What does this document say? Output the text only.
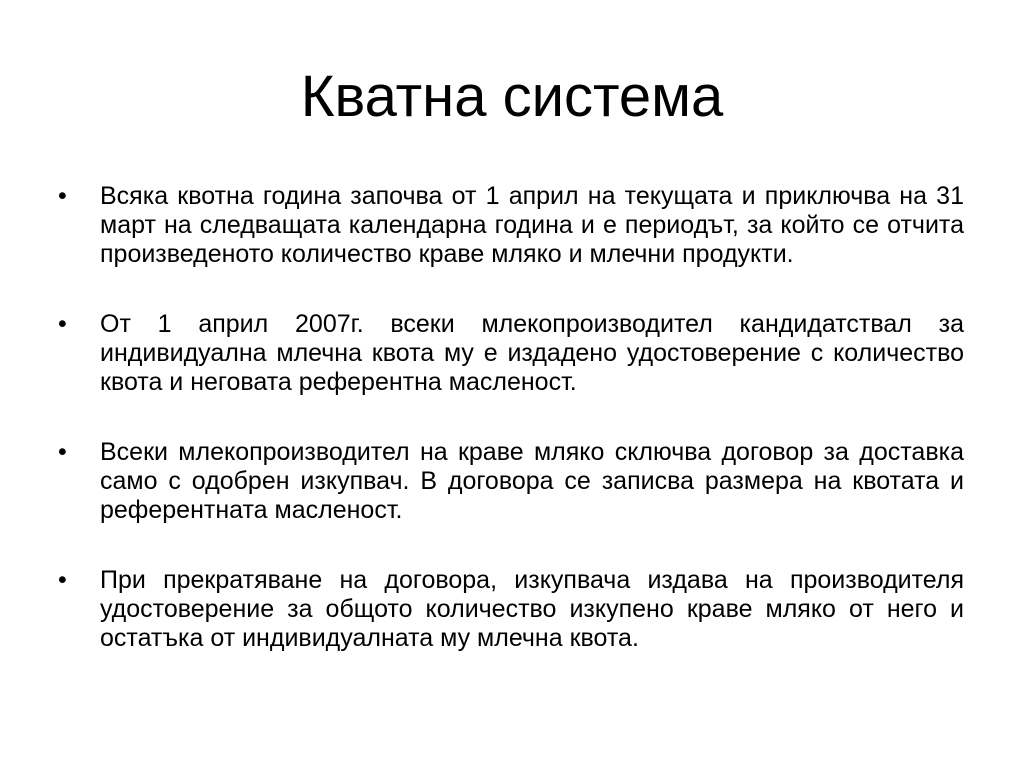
Кватна система
•	Всяка квотна година започва от 1 април на текущата и приключва на 31 март на следващата календарна година и е периодът, за който се отчита произведеното количество краве мляко и млечни продукти.
•	От 1 април 2007г. всеки млекопроизводител кандидатствал за индивидуална млечна квота му е издадено удостоверение с количество квота и неговата референтна масленост.
•	Всеки млекопроизводител на краве мляко сключва договор за доставка само с одобрен изкупвач. В договора се записва размера на квотата и референтната масленост.
•	При прекратяване на договора, изкупвача издава на производителя удостоверение за общото количество изкупено краве мляко от него и остатъка от индивидуалната му млечна квота.
